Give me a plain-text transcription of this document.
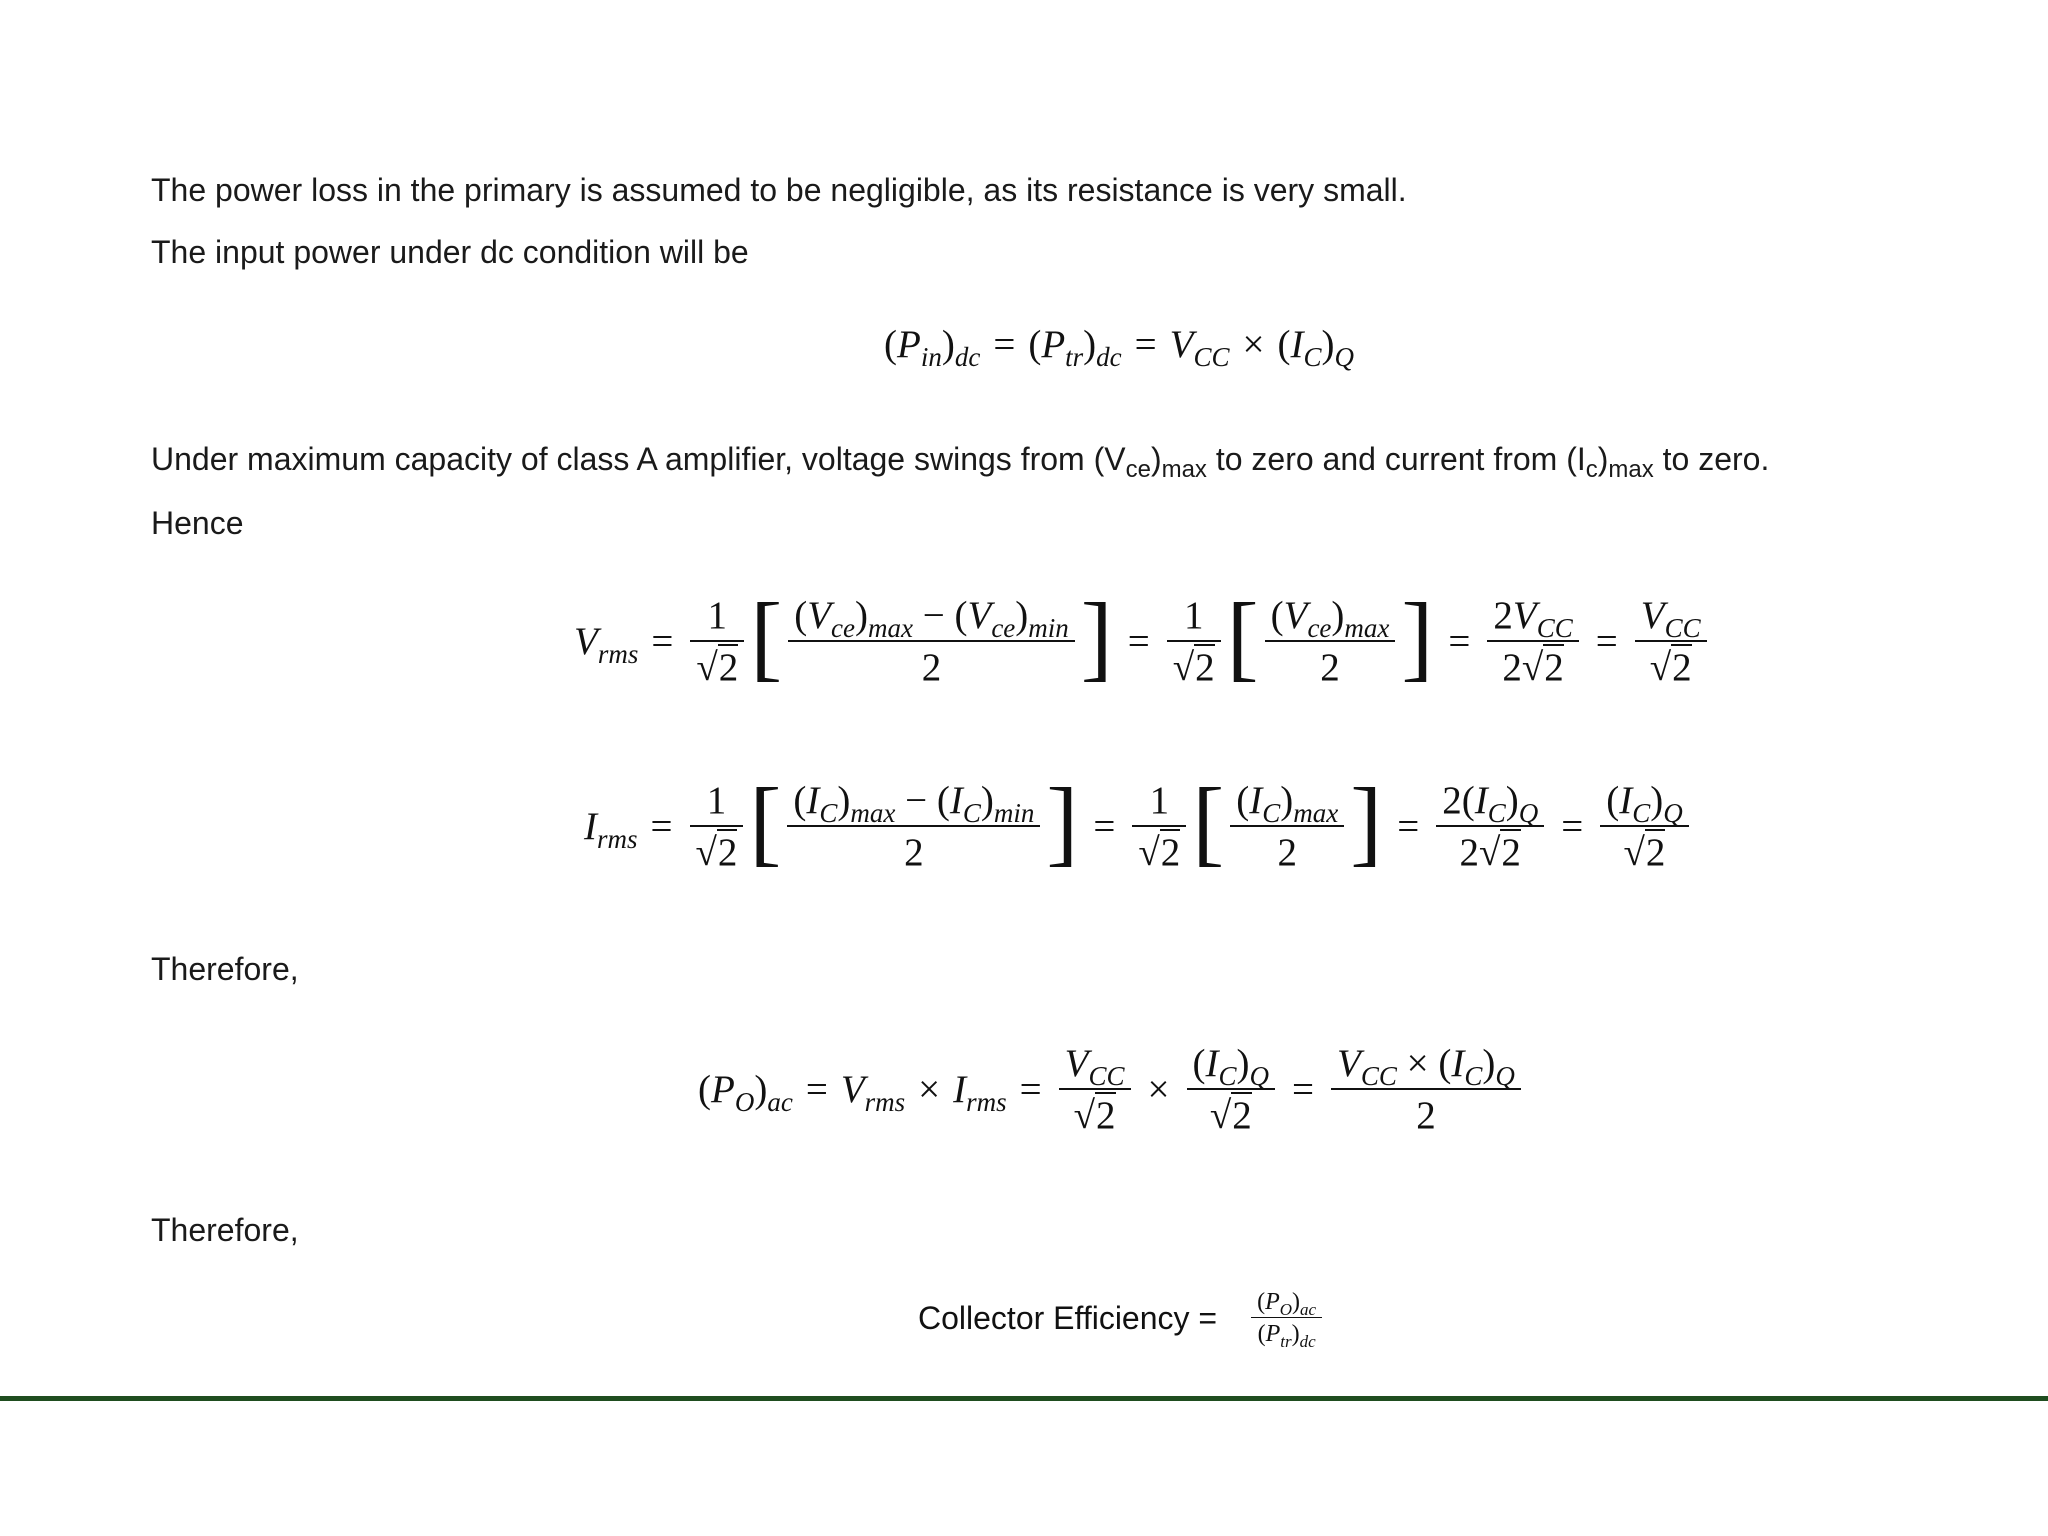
The power loss in the primary is assumed to be negligible, as its resistance is very small.

The input power under dc condition will be

$(P_{in})_{dc} = (P_{tr})_{dc} = V_{CC} \times (I_C)_Q$

Under maximum capacity of class A amplifier, voltage swings from $(V_{ce})_{max}$ to zero and current from $(I_c)_{max}$ to zero.

Hence

$V_{rms} = \frac{1}{√2}$ [ $\frac{(V_{ce})_{max} - (V_{ce})_{min}}{2}$ ] = $\frac{1}{√2}$ [ $\frac{(V_{ce})_{max}}{2}$ ] = $\frac{2V_{CC}}{2√2} = \frac{V_{CC}}{√2}$
$I_{rms} = \frac{1}{√2}$ [ $\frac{(I_C)_{max} - (I_C)_{min}}{2}$ ] = $\frac{1}{√2}$ [ $\frac{(I_C)_{max}}{2}$ ] = $\frac{2(I_C)_Q}{2√2} = \frac{(I_C)_Q}{√2}$

Therefore,

$(P_O)_{ac} = V_{rms} \times I_{rms} = \frac{V_{CC}}{√2} \times \frac{(I_C)_Q}{√2} = \frac{V_{CC} \times (I_C)_Q}{2}$

Therefore,

Collector Efficiency = $\frac{(P_O)_{ac}}{(P_{tr})_{dc}}$
